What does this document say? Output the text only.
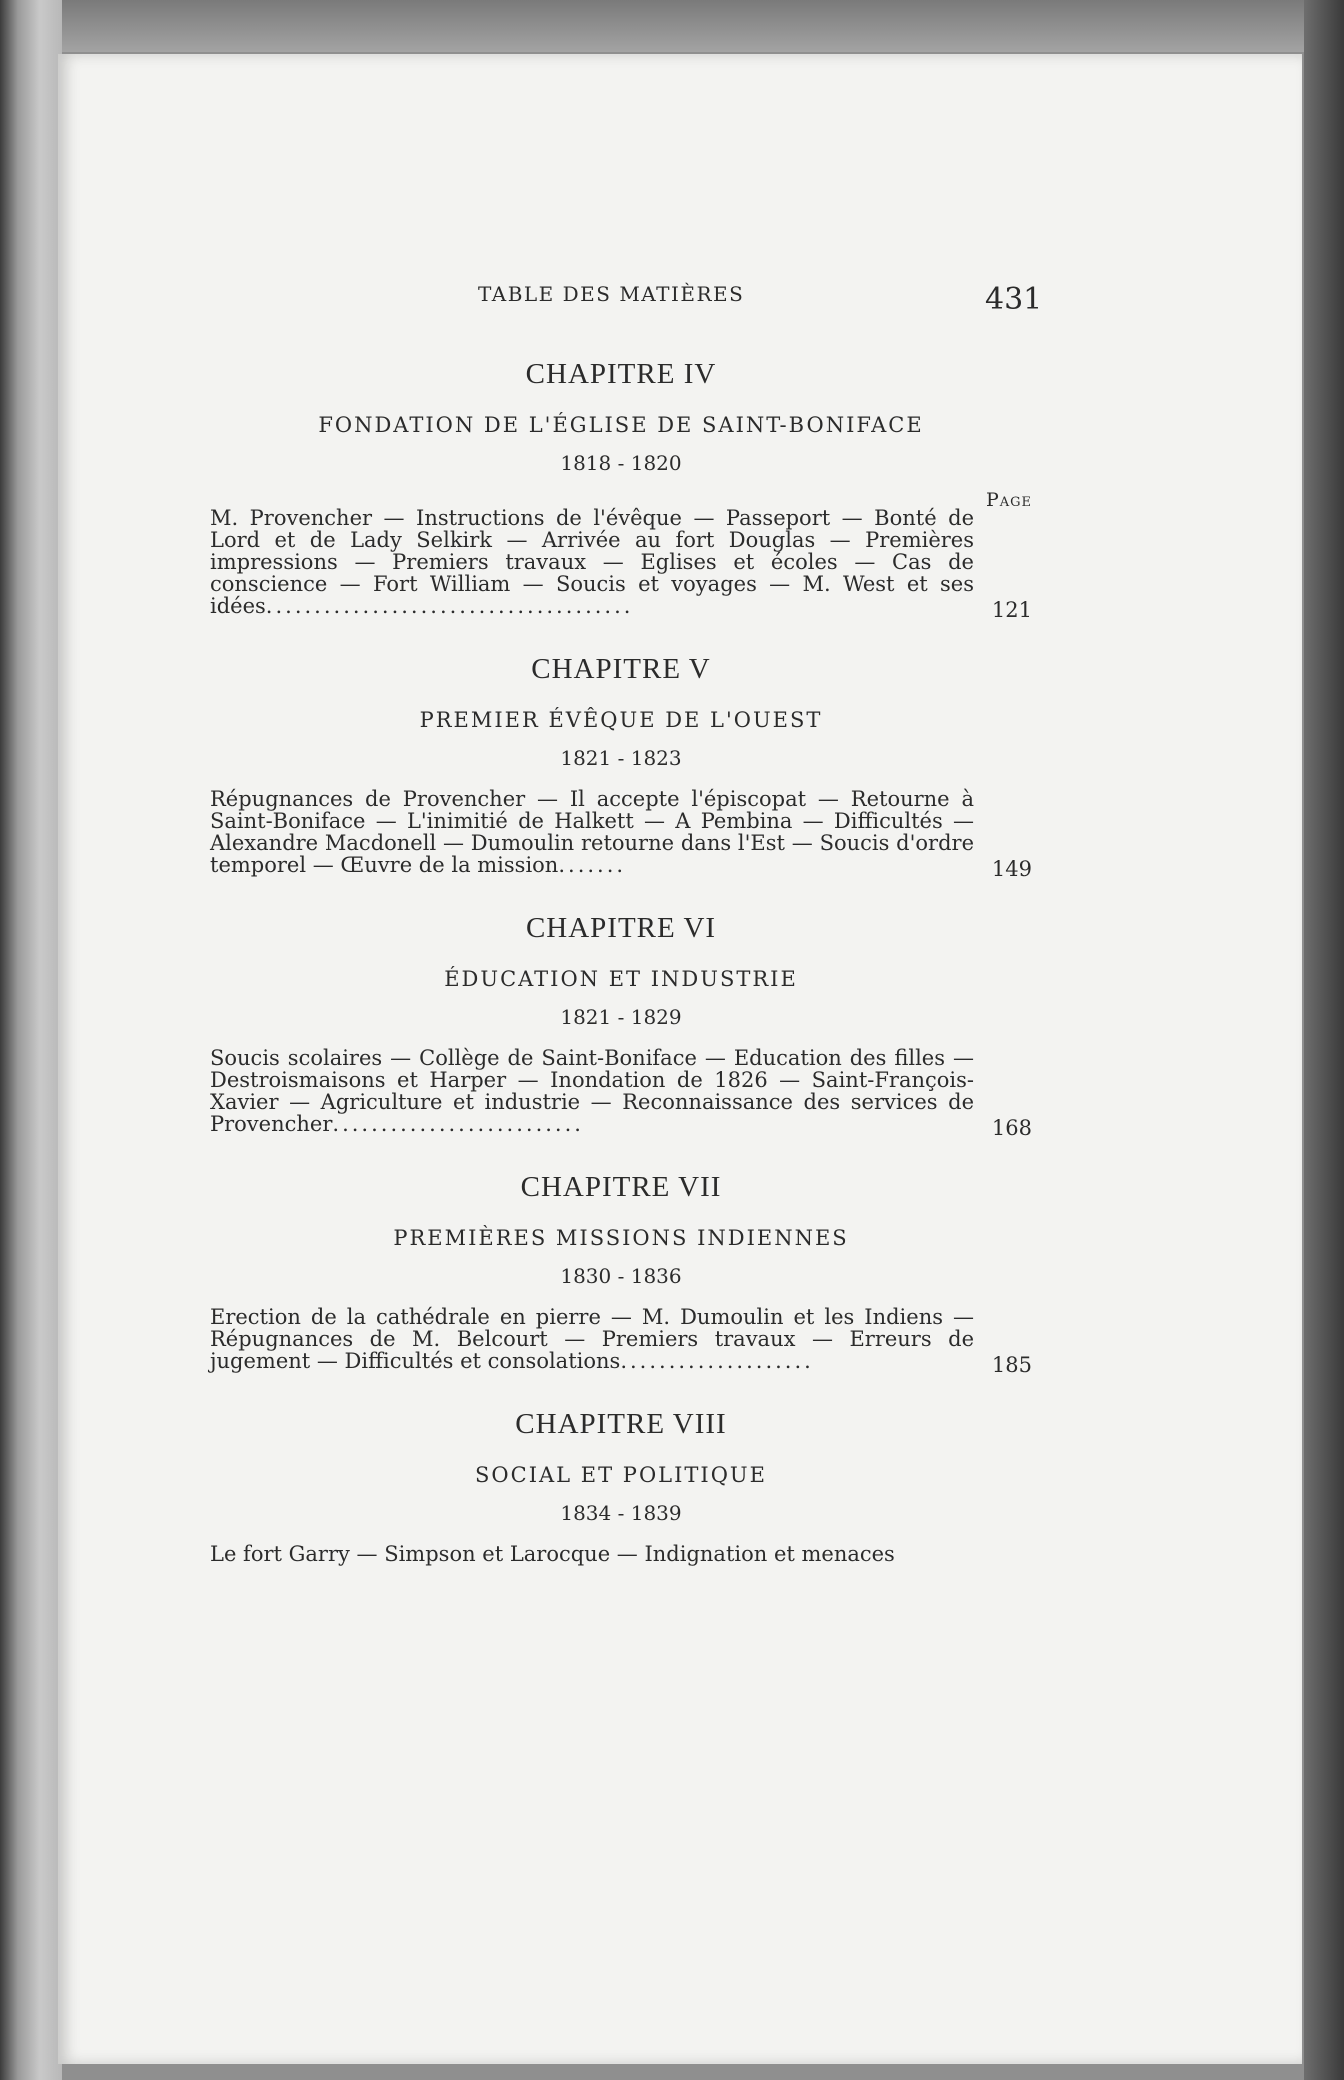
TABLE DES MATIÈRES	431
CHAPITRE IV
FONDATION DE L'ÉGLISE DE SAINT-BONIFACE
1818 - 1820
Page
M. Provencher — Instructions de l'évêque — Passeport — Bonté de Lord et de Lady Selkirk — Arrivée au fort Douglas — Premières impressions — Premiers travaux — Eglises et écoles — Cas de conscience — Fort William — Soucis et voyages — M. West et ses idées......................................	121
CHAPITRE V
PREMIER ÉVÊQUE DE L'OUEST
1821 - 1823
Répugnances de Provencher — Il accepte l'épiscopat — Retourne à Saint-Boniface — L'inimitié de Halkett — A Pembina — Difficultés — Alexandre Macdonell — Dumoulin retourne dans l'Est — Soucis d'ordre temporel — Œuvre de la mission.......	149
CHAPITRE VI
ÉDUCATION ET INDUSTRIE
1821 - 1829
Soucis scolaires — Collège de Saint-Boniface — Education des filles — Destroismaisons et Harper — Inondation de 1826 — Saint-François-Xavier — Agriculture et industrie — Reconnaissance des services de Provencher..........................	168
CHAPITRE VII
PREMIÈRES MISSIONS INDIENNES
1830 - 1836
Erection de la cathédrale en pierre — M. Dumoulin et les Indiens — Répugnances de M. Belcourt — Premiers travaux — Erreurs de jugement — Difficultés et consolations....................	185
CHAPITRE VIII
SOCIAL ET POLITIQUE
1834 - 1839
Le fort Garry — Simpson et Larocque — Indignation et menaces
